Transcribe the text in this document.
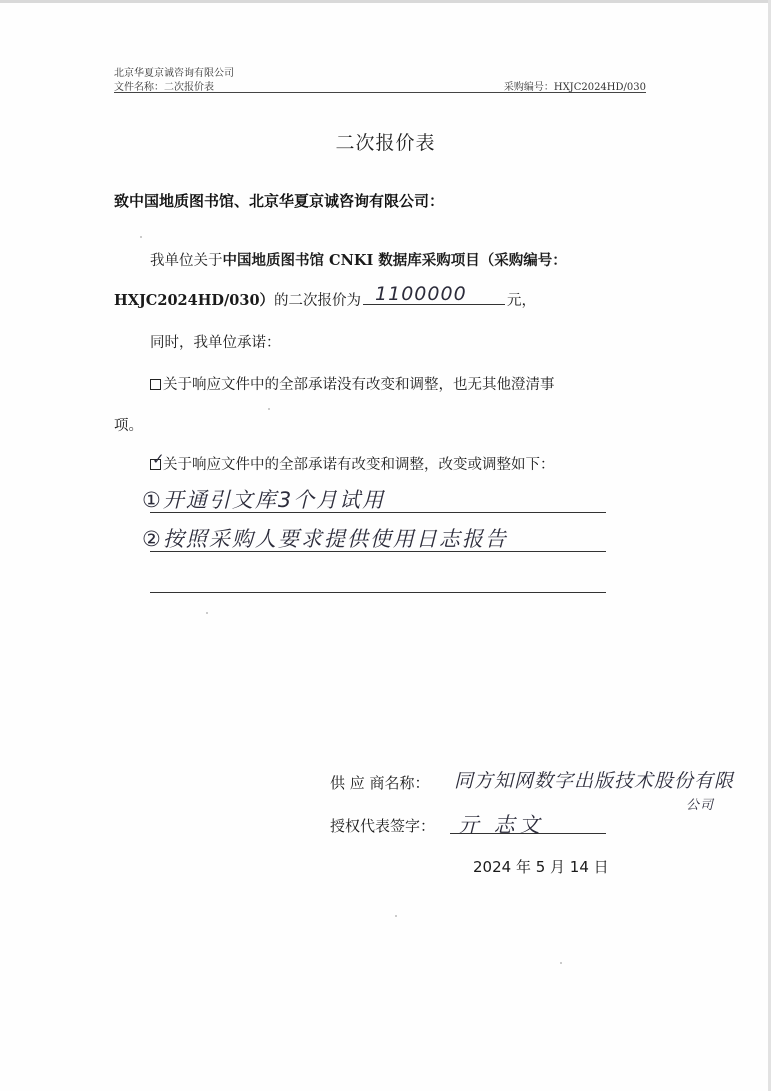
北京华夏京诚咨询有限公司
文件名称：二次报价表	采购编号：HXJC2024HD/030
二次报价表
致中国地质图书馆、北京华夏京诚咨询有限公司：
我单位关于中国地质图书馆 CNKI 数据库采购项目（采购编号：
HXJC2024HD/030）的二次报价为 1100000	元，
同时，我单位承诺：
关于响应文件中的全部承诺没有改变和调整，也无其他澄清事
项。
✓
关于响应文件中的全部承诺有改变和调整，改变或调整如下：
①开通引文库3个月试用
②按照采购人要求提供使用日志报告
供 应 商名称： 同方知网数字出版技术股份有限
公司
授权代表签字： 亓 志文
2024 年 5 月 14 日
